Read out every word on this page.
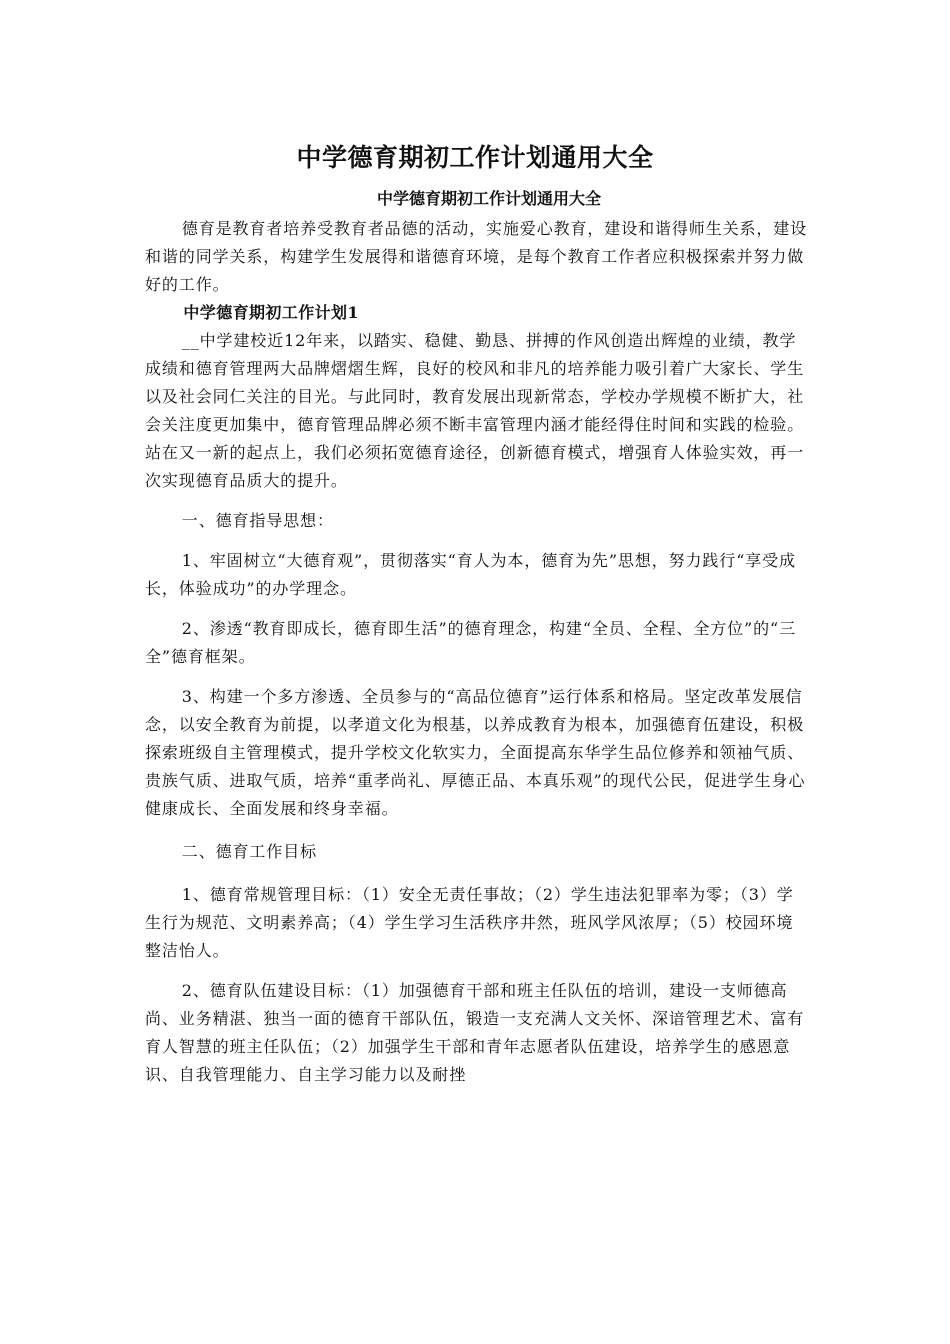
中学德育期初工作计划通用大全
中学德育期初工作计划通用大全

德育是教育者培养受教育者品德的活动，实施爱心教育，建设和谐得师生关系，建设和谐的同学关系，构建学生发展得和谐德育环境，是每个教育工作者应积极探索并努力做好的工作。

中学德育期初工作计划1

__中学建校近12年来，以踏实、稳健、勤恳、拼搏的作风创造出辉煌的业绩，教学成绩和德育管理两大品牌熠熠生辉，良好的校风和非凡的培养能力吸引着广大家长、学生以及社会同仁关注的目光。与此同时，教育发展出现新常态，学校办学规模不断扩大，社会关注度更加集中，德育管理品牌必须不断丰富管理内涵才能经得住时间和实践的检验。站在又一新的起点上，我们必须拓宽德育途径，创新德育模式，增强育人体验实效，再一次实现德育品质大的提升。

一、德育指导思想：

1、牢固树立“大德育观”，贯彻落实“育人为本，德育为先”思想，努力践行“享受成长，体验成功”的办学理念。

2、渗透“教育即成长，德育即生活”的德育理念，构建“全员、全程、全方位”的“三全”德育框架。

3、构建一个多方渗透、全员参与的“高品位德育”运行体系和格局。坚定改革发展信念，以安全教育为前提，以孝道文化为根基，以养成教育为根本，加强德育伍建设，积极探索班级自主管理模式，提升学校文化软实力，全面提高东华学生品位修养和领袖气质、贵族气质、进取气质，培养“重孝尚礼、厚德正品、本真乐观”的现代公民，促进学生身心健康成长、全面发展和终身幸福。

二、德育工作目标

1、德育常规管理目标：（1）安全无责任事故；（2）学生违法犯罪率为零；（3）学生行为规范、文明素养高；（4）学生学习生活秩序井然，班风学风浓厚；（5）校园环境整洁怡人。

2、德育队伍建设目标：（1）加强德育干部和班主任队伍的培训，建设一支师德高尚、业务精湛、独当一面的德育干部队伍，锻造一支充满人文关怀、深谙管理艺术、富有育人智慧的班主任队伍；（2）加强学生干部和青年志愿者队伍建设，培养学生的感恩意识、自我管理能力、自主学习能力以及耐挫
